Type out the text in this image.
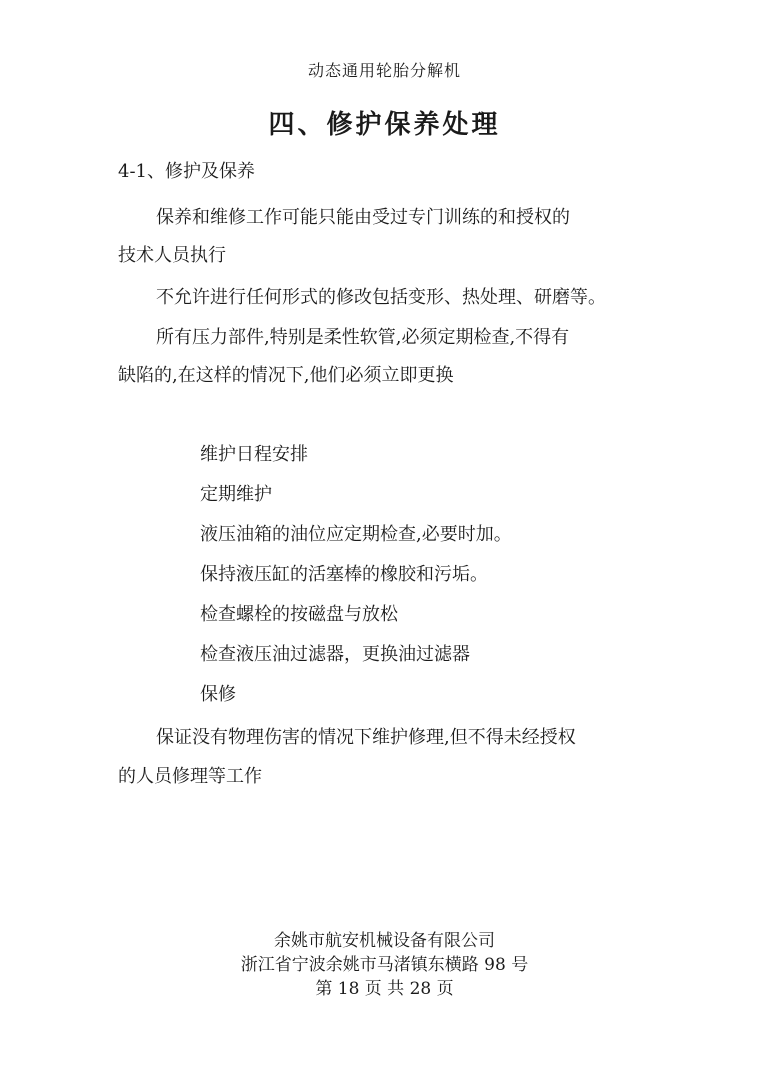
动态通用轮胎分解机
四、修护保养处理
4-1、修护及保养
保养和维修工作可能只能由受过专门训练的和授权的
技术人员执行
不允许进行任何形式的修改包括变形、热处理、研磨等。
所有压力部件,特别是柔性软管,必须定期检查,不得有
缺陷的,在这样的情况下,他们必须立即更换
维护日程安排
定期维护
液压油箱的油位应定期检查,必要时加。
保持液压缸的活塞棒的橡胶和污垢。
检查螺栓的按磁盘与放松
检查液压油过滤器，更换油过滤器
保修
保证没有物理伤害的情况下维护修理,但不得未经授权
的人员修理等工作
余姚市航安机械设备有限公司
浙江省宁波余姚市马渚镇东横路 98 号
第 18 页 共 28 页
